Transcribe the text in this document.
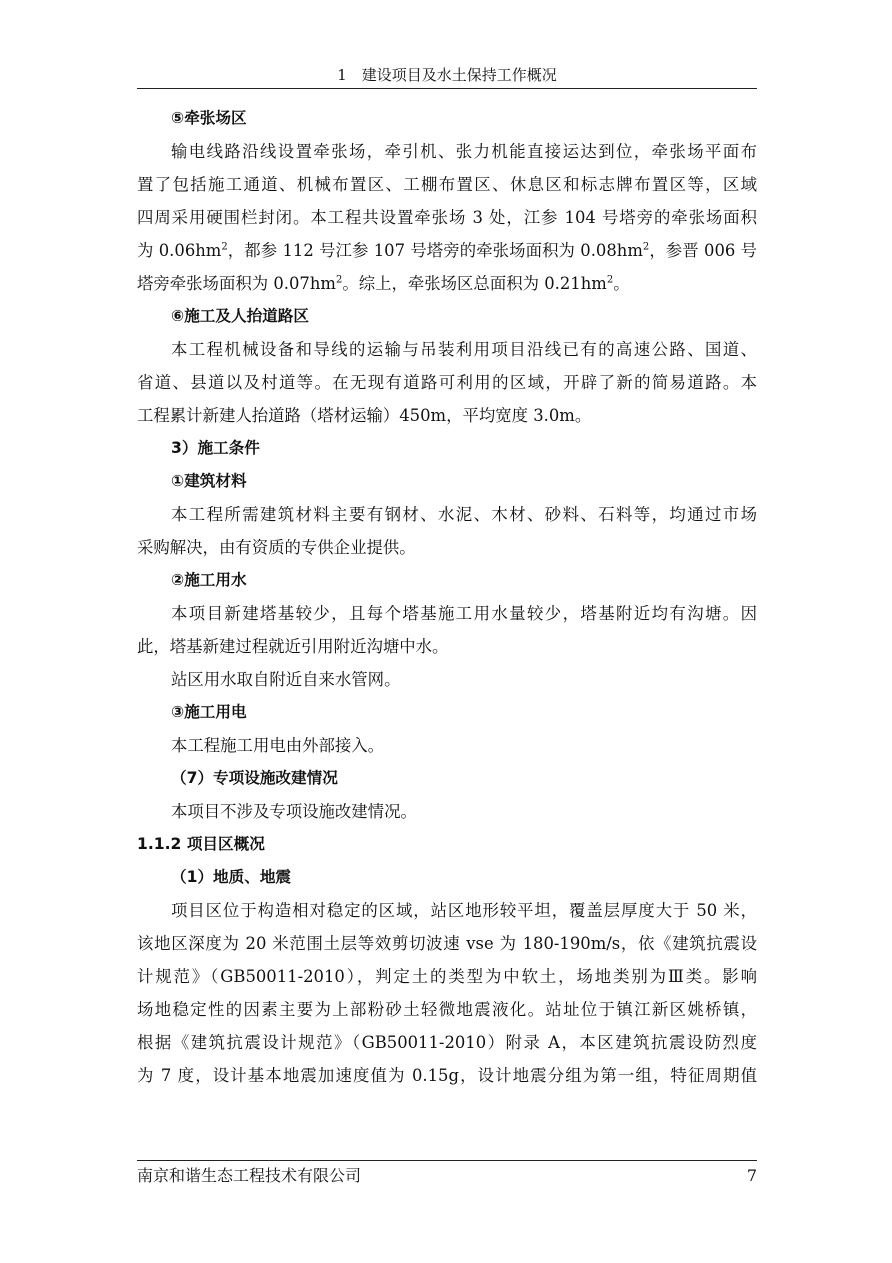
1　建设项目及水土保持工作概况
⑤牵张场区
输电线路沿线设置牵张场，牵引机、张力机能直接运达到位，牵张场平面布
置了包括施工通道、机械布置区、工棚布置区、休息区和标志牌布置区等，区域
四周采用硬围栏封闭。本工程共设置牵张场 3 处，江参 104 号塔旁的牵张场面积
为 $0.06hm^2$，都参 112 号江参 107 号塔旁的牵张场面积为 $0.08hm^2$，参晋 006 号
塔旁牵张场面积为 $0.07hm^2$。综上，牵张场区总面积为 $0.21hm^2$。
⑥施工及人抬道路区
本工程机械设备和导线的运输与吊装利用项目沿线已有的高速公路、国道、
省道、县道以及村道等。在无现有道路可利用的区域，开辟了新的简易道路。本
工程累计新建人抬道路（塔材运输）450m，平均宽度 3.0m。
3）施工条件
①建筑材料
本工程所需建筑材料主要有钢材、水泥、木材、砂料、石料等，均通过市场
采购解决，由有资质的专供企业提供。
②施工用水
本项目新建塔基较少，且每个塔基施工用水量较少，塔基附近均有沟塘。因
此，塔基新建过程就近引用附近沟塘中水。
站区用水取自附近自来水管网。
③施工用电
本工程施工用电由外部接入。
（7）专项设施改建情况
本项目不涉及专项设施改建情况。
1.1.2 项目区概况
（1）地质、地震
项目区位于构造相对稳定的区域，站区地形较平坦，覆盖层厚度大于 50 米，
该地区深度为 20 米范围土层等效剪切波速 vse 为 180-190m/s，依《建筑抗震设
计规范》（GB50011-2010），判定土的类型为中软土，场地类别为Ⅲ类。影响
场地稳定性的因素主要为上部粉砂土轻微地震液化。站址位于镇江新区姚桥镇，
根据《建筑抗震设计规范》（GB50011-2010）附录 A，本区建筑抗震设防烈度
为 7 度，设计基本地震加速度值为 0.15g，设计地震分组为第一组，特征周期值
南京和谐生态工程技术有限公司	7
